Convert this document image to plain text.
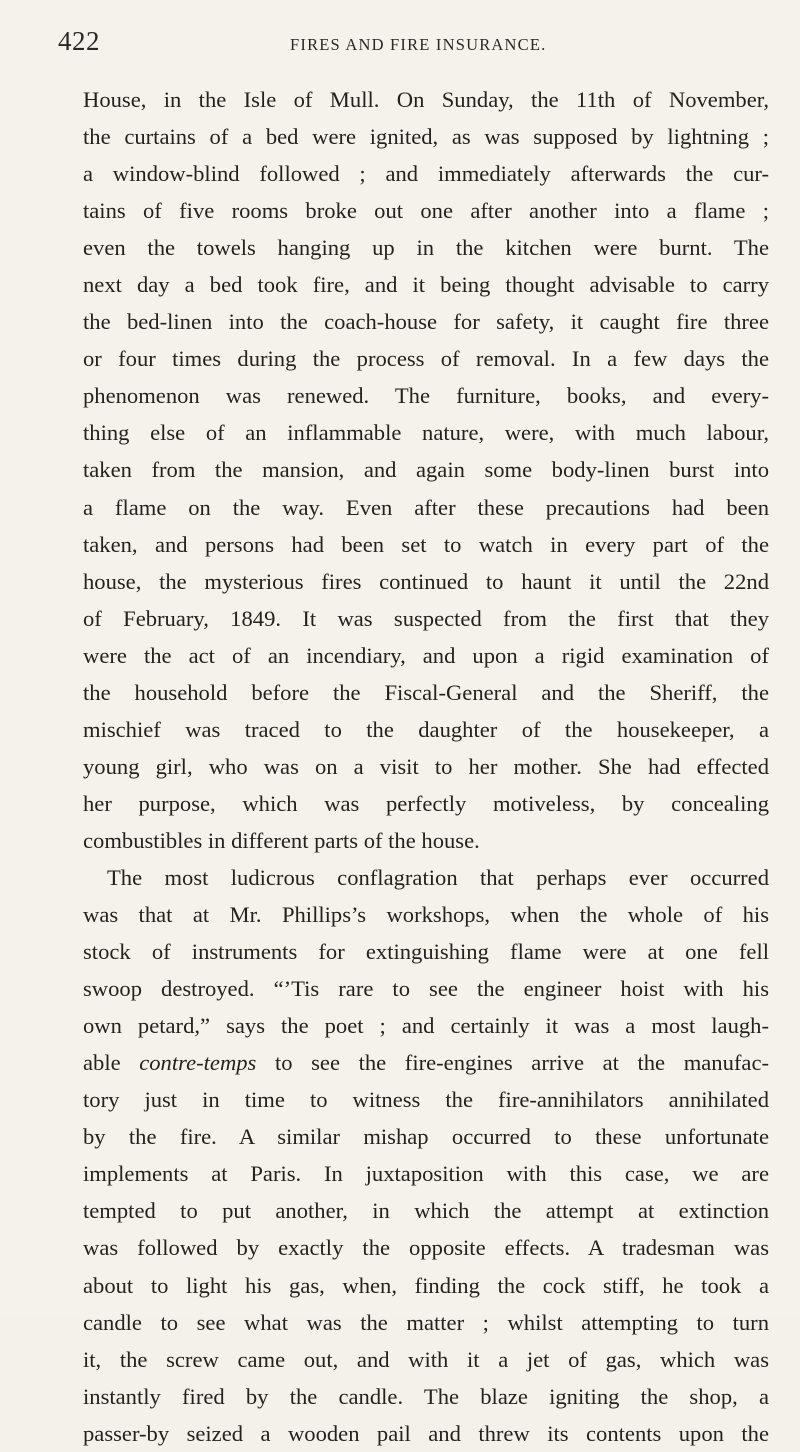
422	FIRES AND FIRE INSURANCE.
House, in the Isle of Mull. On Sunday, the 11th of November,
the curtains of a bed were ignited, as was supposed by lightning ;
a window-blind followed ; and immediately afterwards the cur-
tains of five rooms broke out one after another into a flame ;
even the towels hanging up in the kitchen were burnt. The
next day a bed took fire, and it being thought advisable to carry
the bed-linen into the coach-house for safety, it caught fire three
or four times during the process of removal. In a few days the
phenomenon was renewed. The furniture, books, and every-
thing else of an inflammable nature, were, with much labour,
taken from the mansion, and again some body-linen burst into
a flame on the way. Even after these precautions had been
taken, and persons had been set to watch in every part of the
house, the mysterious fires continued to haunt it until the 22nd
of February, 1849. It was suspected from the first that they
were the act of an incendiary, and upon a rigid examination of
the household before the Fiscal-General and the Sheriff, the
mischief was traced to the daughter of the housekeeper, a
young girl, who was on a visit to her mother. She had effected
her purpose, which was perfectly motiveless, by concealing
combustibles in different parts of the house.
The most ludicrous conflagration that perhaps ever occurred
was that at Mr. Phillips’s workshops, when the whole of his
stock of instruments for extinguishing flame were at one fell
swoop destroyed. “’Tis rare to see the engineer hoist with his
own petard,” says the poet ; and certainly it was a most laugh-
able contre-temps to see the fire-engines arrive at the manufac-
tory just in time to witness the fire-annihilators annihilated
by the fire. A similar mishap occurred to these unfortunate
implements at Paris. In juxtaposition with this case, we are
tempted to put another, in which the attempt at extinction
was followed by exactly the opposite effects. A tradesman was
about to light his gas, when, finding the cock stiff, he took a
candle to see what was the matter ; whilst attempting to turn
it, the screw came out, and with it a jet of gas, which was
instantly fired by the candle. The blaze igniting the shop, a
passer-by seized a wooden pail and threw its contents upon the
